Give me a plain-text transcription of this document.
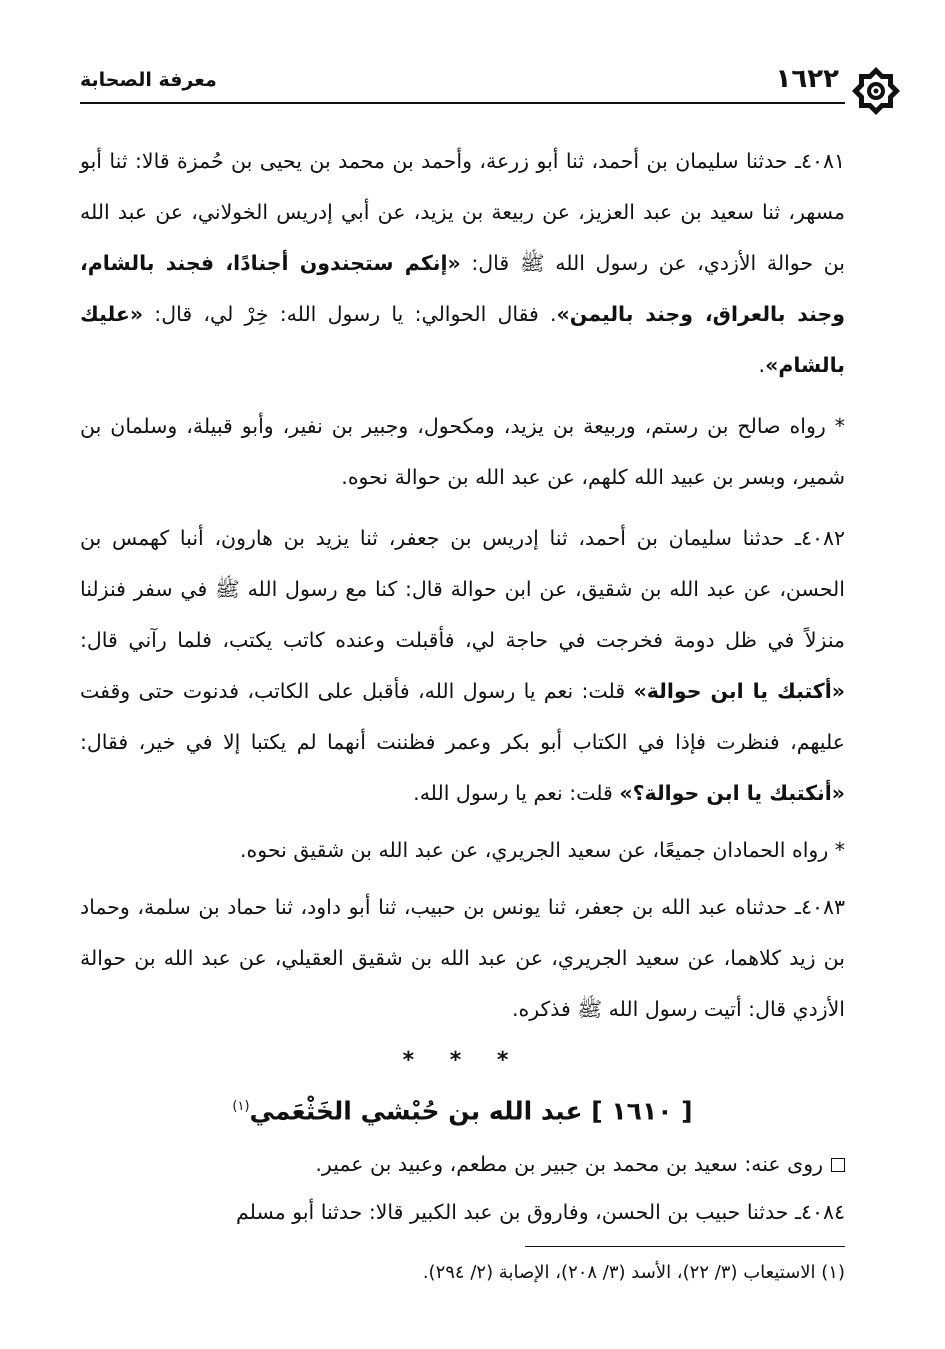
١٦٢٢
معرفة الصحابة

٤٠٨١ـ حدثنا سليمان بن أحمد، ثنا أبو زرعة، وأحمد بن محمد بن يحيى بن حُمزة قالا: ثنا أبو مسهر، ثنا سعيد بن عبد العزيز، عن ربيعة بن يزيد، عن أبي إدريس الخولاني، عن عبد الله بن حوالة الأزدي، عن رسول الله ﷺ قال: «إنكم ستجندون أجنادًا، فجند بالشام، وجند بالعراق، وجند باليمن». فقال الحوالي: يا رسول الله: خِرْ لي، قال: «عليك بالشام».

* رواه صالح بن رستم، وربيعة بن يزيد، ومكحول، وجبير بن نفير، وأبو قبيلة، وسلمان بن شمير، وبسر بن عبيد الله كلهم، عن عبد الله بن حوالة نحوه.

٤٠٨٢ـ حدثنا سليمان بن أحمد، ثنا إدريس بن جعفر، ثنا يزيد بن هارون، أنبا كهمس بن الحسن، عن عبد الله بن شقيق، عن ابن حوالة قال: كنا مع رسول الله ﷺ في سفر فنزلنا منزلاً في ظل دومة فخرجت في حاجة لي، فأقبلت وعنده كاتب يكتب، فلما رآني قال: «أكتبك يا ابن حوالة» قلت: نعم يا رسول الله، فأقبل على الكاتب، فدنوت حتى وقفت عليهم، فنظرت فإذا في الكتاب أبو بكر وعمر فظننت أنهما لم يكتبا إلا في خير، فقال: «أنكتبك يا ابن حوالة؟» قلت: نعم يا رسول الله.

* رواه الحمادان جميعًا، عن سعيد الجريري، عن عبد الله بن شقيق نحوه.

٤٠٨٣ـ حدثناه عبد الله بن جعفر، ثنا يونس بن حبيب، ثنا أبو داود، ثنا حماد بن سلمة، وحماد بن زيد كلاهما، عن سعيد الجريري، عن عبد الله بن شقيق العقيلي، عن عبد الله بن حوالة الأزدي قال: أتيت رسول الله ﷺ فذكره.

* * *
[ ١٦١٠ ] عبد الله بن حُبْشي الخَثْعَمي$^{(١)}$

روى عنه: سعيد بن محمد بن جبير بن مطعم، وعبيد بن عمير.

٤٠٨٤ـ حدثنا حبيب بن الحسن، وفاروق بن عبد الكبير قالا: حدثنا أبو مسلم

(١) الاستيعاب (٣/ ٢٢)، الأسد (٣/ ٢٠٨)، الإصابة (٢/ ٢٩٤).
